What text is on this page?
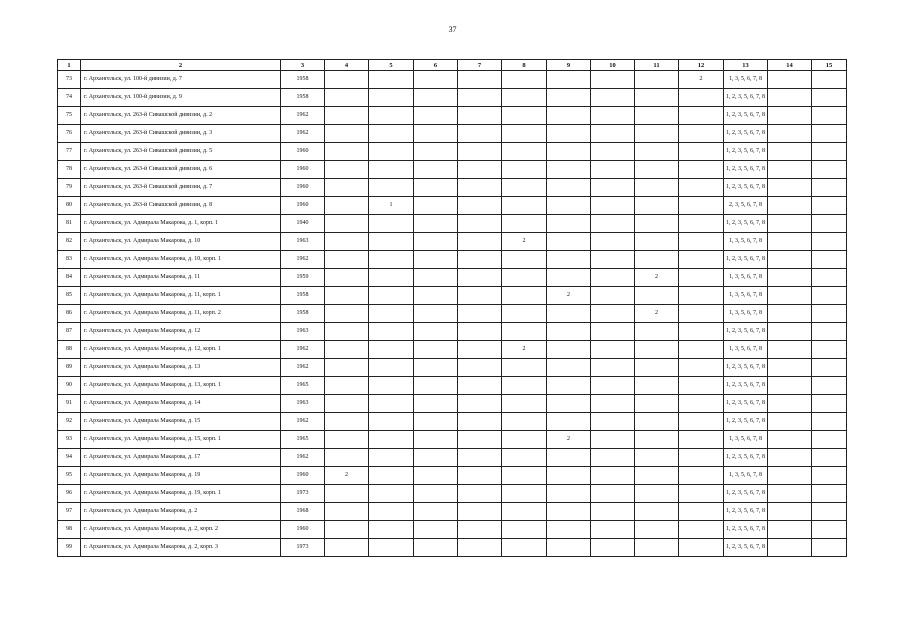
37
1	2	3	4	5	6	7	8	9	10	11	12	13	14	15
73	г. Архангельск, ул. 100-й дивизии, д. 7	1958									2	1, 3, 5, 6, 7, 8		
74	г. Архангельск, ул. 100-й дивизии, д. 9	1958										1, 2, 3, 5, 6, 7, 8		
75	г. Архангельск, ул. 263-й Сивашской дивизии, д. 2	1962										1, 2, 3, 5, 6, 7, 8		
76	г. Архангельск, ул. 263-й Сивашской дивизии, д. 3	1962										1, 2, 3, 5, 6, 7, 8		
77	г. Архангельск, ул. 263-й Сивашской дивизии, д. 5	1960										1, 2, 3, 5, 6, 7, 8		
78	г. Архангельск, ул. 263-й Сивашской дивизии, д. 6	1960										1, 2, 3, 5, 6, 7, 8		
79	г. Архангельск, ул. 263-й Сивашской дивизии, д. 7	1960										1, 2, 3, 5, 6, 7, 8		
80	г. Архангельск, ул. 263-й Сивашской дивизии, д. 8	1960		1								2, 3, 5, 6, 7, 8		
81	г. Архангельск, ул. Адмирала Макарова, д. 1, корп. 1	1940										1, 2, 3, 5, 6, 7, 8		
82	г. Архангельск, ул. Адмирала Макарова, д. 10	1963					2					1, 3, 5, 6, 7, 8		
83	г. Архангельск, ул. Адмирала Макарова, д. 10, корп. 1	1962										1, 2, 3, 5, 6, 7, 8		
84	г. Архангельск, ул. Адмирала Макарова, д. 11	1959								2		1, 3, 5, 6, 7, 8		
85	г. Архангельск, ул. Адмирала Макарова, д. 11, корп. 1	1958						2				1, 3, 5, 6, 7, 8		
86	г. Архангельск, ул. Адмирала Макарова, д. 11, корп. 2	1958								2		1, 3, 5, 6, 7, 8		
87	г. Архангельск, ул. Адмирала Макарова, д. 12	1963										1, 2, 3, 5, 6, 7, 8		
88	г. Архангельск, ул. Адмирала Макарова, д. 12, корп. 1	1962					2					1, 3, 5, 6, 7, 8		
89	г. Архангельск, ул. Адмирала Макарова, д. 13	1962										1, 2, 3, 5, 6, 7, 8		
90	г. Архангельск, ул. Адмирала Макарова, д. 13, корп. 1	1965										1, 2, 3, 5, 6, 7, 8		
91	г. Архангельск, ул. Адмирала Макарова, д. 14	1963										1, 2, 3, 5, 6, 7, 8		
92	г. Архангельск, ул. Адмирала Макарова, д. 15	1962										1, 2, 3, 5, 6, 7, 8		
93	г. Архангельск, ул. Адмирала Макарова, д. 15, корп. 1	1965						2				1, 3, 5, 6, 7, 8		
94	г. Архангельск, ул. Адмирала Макарова, д. 17	1962										1, 2, 3, 5, 6, 7, 8		
95	г. Архангельск, ул. Адмирала Макарова, д. 19	1960	2									1, 3, 5, 6, 7, 8		
96	г. Архангельск, ул. Адмирала Макарова, д. 19, корп. 1	1973										1, 2, 3, 5, 6, 7, 8		
97	г. Архангельск, ул. Адмирала Макарова, д. 2	1968										1, 2, 3, 5, 6, 7, 8		
98	г. Архангельск, ул. Адмирала Макарова, д. 2, корп. 2	1960										1, 2, 3, 5, 6, 7, 8		
99	г. Архангельск, ул. Адмирала Макарова, д. 2, корп. 3	1973										1, 2, 3, 5, 6, 7, 8		
